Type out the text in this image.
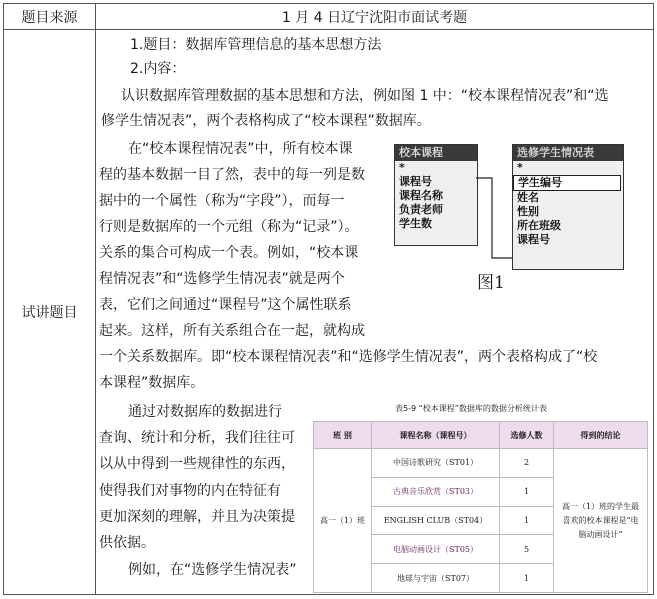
题目来源	1 月 4 日辽宁沈阳市面试考题
试讲题目	
1.题目：数据库管理信息的基本思想方法
2.内容：
认识数据库管理数据的基本思想和方法，例如图 1 中：“校本课程情况表”和“选
修学生情况表”，两个表格构成了“校本课程”数据库。
在“校本课程情况表”中，所有校本课
程的基本数据一目了然，表中的每一列是数
据中的一个属性（称为“字段”），而每一
行则是数据库的一个元组（称为“记录”）。
关系的集合可构成一个表。例如，“校本课
程情况表”和“选修学生情况表”就是两个
表，它们之间通过“课程号”这个属性联系
起来。这样，所有关系组合在一起，就构成
一个关系数据库。即“校本课程情况表”和“选修学生情况表”，两个表格构成了“校
本课程”数据库。
通过对数据库的数据进行
查询、统计和分析，我们往往可
以从中得到一些规律性的东西，
使得我们对事物的内在特征有
更加深刻的理解，并且为决策提
供依据。
例如，在“选修学生情况表”
校本课程
*
课程号
课程名称
负责老师
学生数
选修学生情况表
*
学生编号
姓名
性别
所在班级
课程号
图1
表5-9 “校本课程”数据库的数据分析统计表
班 别	课程名称（课程号）	选修人数	得到的结论
高一（1）班	中国诗歌研究（ST01）	2	高一（1）班的学生最喜欢的校本课程是“电脑动画设计”
	古典音乐欣赏（ST03）	1	
	ENGLISH CLUB（ST04）	1	
	电脑动画设计（ST05）	5	
	地球与宇宙（ST07）	1	
